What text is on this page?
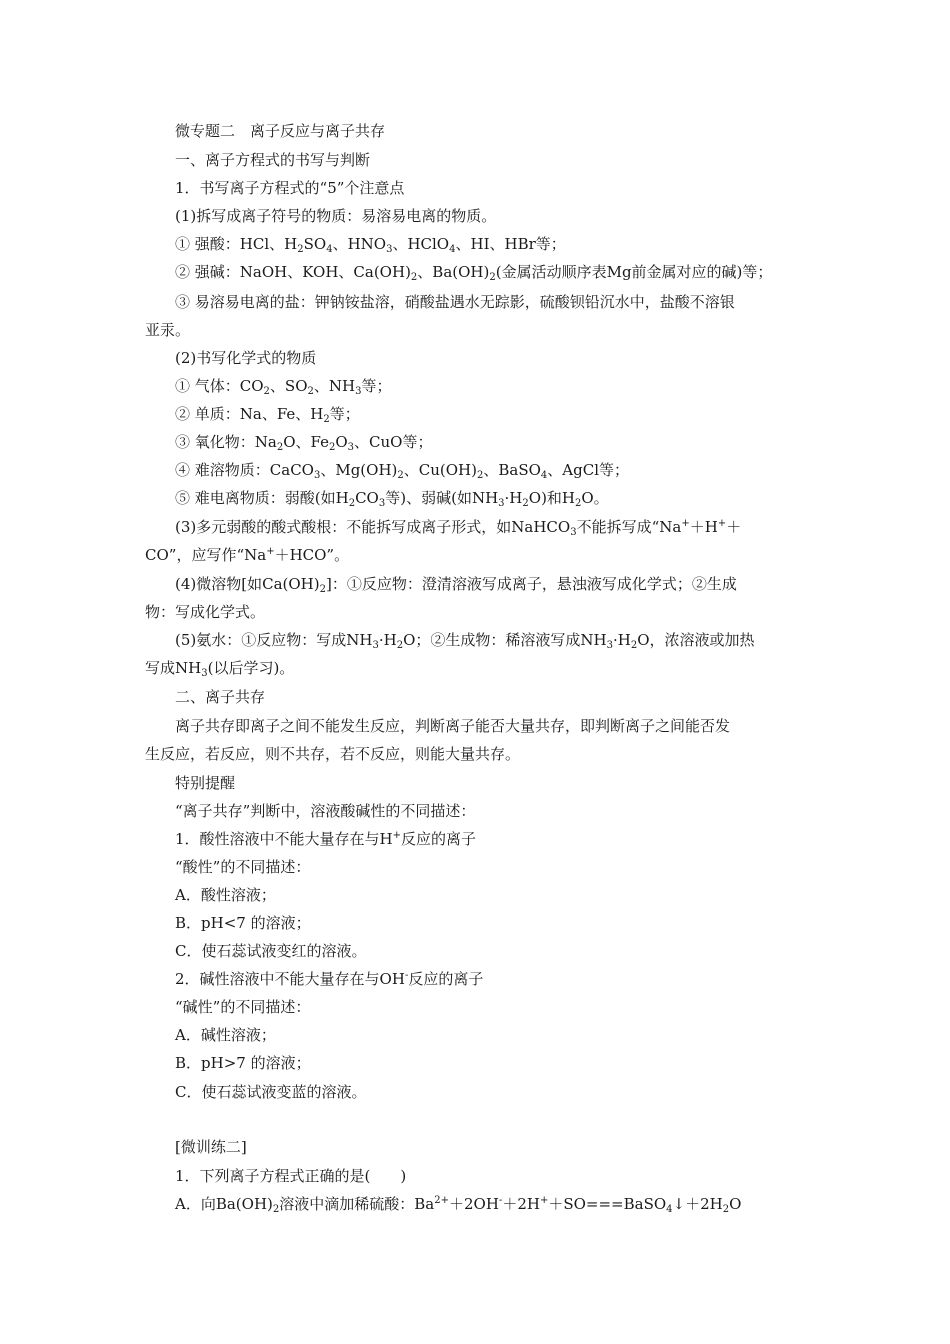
微专题二　离子反应与离子共存
一、离子方程式的书写与判断
1．书写离子方程式的“5”个注意点
(1)拆写成离子符号的物质：易溶易电离的物质。
① 强酸：HCl、$H_2SO_4$、$HNO_3$、HClO$_4$、HI、HBr等；
② 强碱：NaOH、KOH、$Ca(OH)_2$、$Ba(OH)_2$(金属活动顺序表Mg前金属对应的碱)等；
③ 易溶易电离的盐：钾钠铵盐溶，硝酸盐遇水无踪影，硫酸钡铅沉水中，盐酸不溶银
亚汞。
(2)书写化学式的物质
① 气体：$CO_2$、$SO_2$、$NH_3$等；
② 单质：Na、Fe、$H_2$等；
③ 氧化物：$Na_2O$、$Fe_2O_3$、CuO等；
④ 难溶物质：CaCO$_3$、$Mg(OH)_2$、$Cu(OH)_2$、BaSO$_4$、AgCl等；
⑤ 难电离物质：弱酸(如$H_2CO_3$等)、弱碱(如$NH_3\cdot H_2O$)和$H_2O$。
(3)多元弱酸的酸式酸根：不能拆写成离子形式，如NaHCO$_3$不能拆写成“Na+＋H+＋
CO”，应写作“Na+＋HCO”。
(4)微溶物[如$Ca(OH)_2$]：①反应物：澄清溶液写成离子，悬浊液写成化学式；②生成
物：写成化学式。
(5)氨水：①反应物：写成$NH_3\cdot H_2O$；②生成物：稀溶液写成$NH_3\cdot H_2O$，浓溶液或加热
写成$NH_3$(以后学习)。
二、离子共存
离子共存即离子之间不能发生反应，判断离子能否大量共存，即判断离子之间能否发
生反应，若反应，则不共存，若不反应，则能大量共存。
特别提醒
“离子共存”判断中，溶液酸碱性的不同描述：
1．酸性溶液中不能大量存在与H+反应的离子
“酸性”的不同描述：
A．酸性溶液；
B．pH<7 的溶液；
C．使石蕊试液变红的溶液。
2．碱性溶液中不能大量存在与OH-反应的离子
“碱性”的不同描述：
A．碱性溶液；
B．pH>7 的溶液；
C．使石蕊试液变蓝的溶液。
[微训练二]
1．下列离子方程式正确的是(　　)
A．向$Ba(OH)_2$溶液中滴加稀硫酸：$Ba^{2+}+2OH^-+2H^++SO===BaSO_4↓+2H_2O$
